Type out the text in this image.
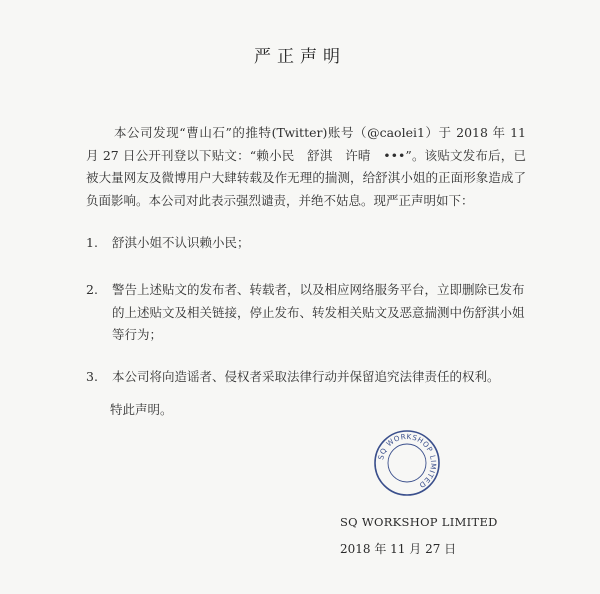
严正声明
本公司发现“曹山石”的推特(Twitter)账号（@caolei1）于 2018 年 11 月 27 日公开刊登以下贴文：“赖小民　舒淇　许晴　•••”。该贴文发布后，已被大量网友及微博用户大肆转载及作无理的揣测，给舒淇小姐的正面形象造成了负面影响。本公司对此表示强烈谴责，并绝不姑息。现严正声明如下：
1.	舒淇小姐不认识赖小民；
2.	警告上述贴文的发布者、转载者，以及相应网络服务平台，立即删除已发布的上述贴文及相关链接，停止发布、转发相关贴文及恶意揣测中伤舒淇小姐等行为；
3.	本公司将向造谣者、侵权者采取法律行动并保留追究法律责任的权利。
特此声明。
SQ WORKSHOP LIMITED
SQ WORKSHOP LIMITED
2018 年 11 月 27 日
